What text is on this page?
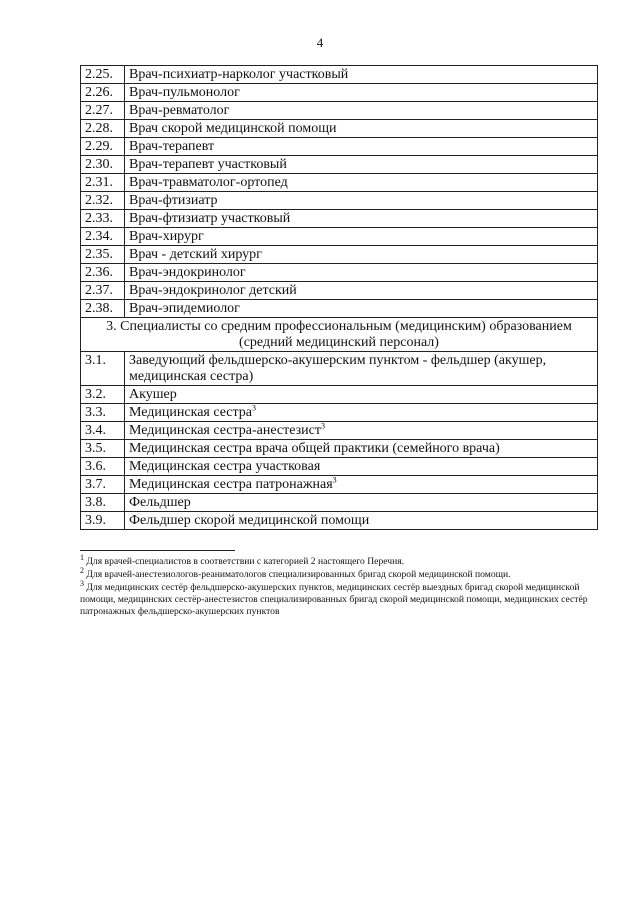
4
2.25.	Врач-психиатр-нарколог участковый
2.26.	Врач-пульмонолог
2.27.	Врач-ревматолог
2.28.	Врач скорой медицинской помощи
2.29.	Врач-терапевт
2.30.	Врач-терапевт участковый
2.31.	Врач-травматолог-ортопед
2.32.	Врач-фтизиатр
2.33.	Врач-фтизиатр участковый
2.34.	Врач-хирург
2.35.	Врач - детский хирург
2.36.	Врач-эндокринолог
2.37.	Врач-эндокринолог детский
2.38.	Врач-эпидемиолог

3. Специалисты со средним профессиональным (медицинским) образованием
(средний медицинский персонал)	

3.1.	Заведующий фельдшерско-акушерским пунктом - фельдшер (акушер, медицинская сестра)
3.2.	Акушер
3.3.	Медицинская сестра$^3$
3.4.	Медицинская сестра-анестезист$^3$
3.5.	Медицинская сестра врача общей практики (семейного врача)
3.6.	Медицинская сестра участковая
3.7.	Медицинская сестра патронажная$^3$
3.8.	Фельдшер
3.9.	Фельдшер скорой медицинской помощи

$^1$ Для врачей-специалистов в соответствии с категорией 2 настоящего Перечня.

$^2$ Для врачей-анестезиологов-реаниматологов специализированных бригад скорой медицинской помощи.

$^3$ Для медицинских сестёр фельдшерско-акушерских пунктов, медицинских сестёр выездных бригад скорой медицинской помощи, медицинских сестёр-анестезистов специализированных бригад скорой медицинской помощи, медицинских сестёр патронажных фельдшерско-акушерских пунктов
